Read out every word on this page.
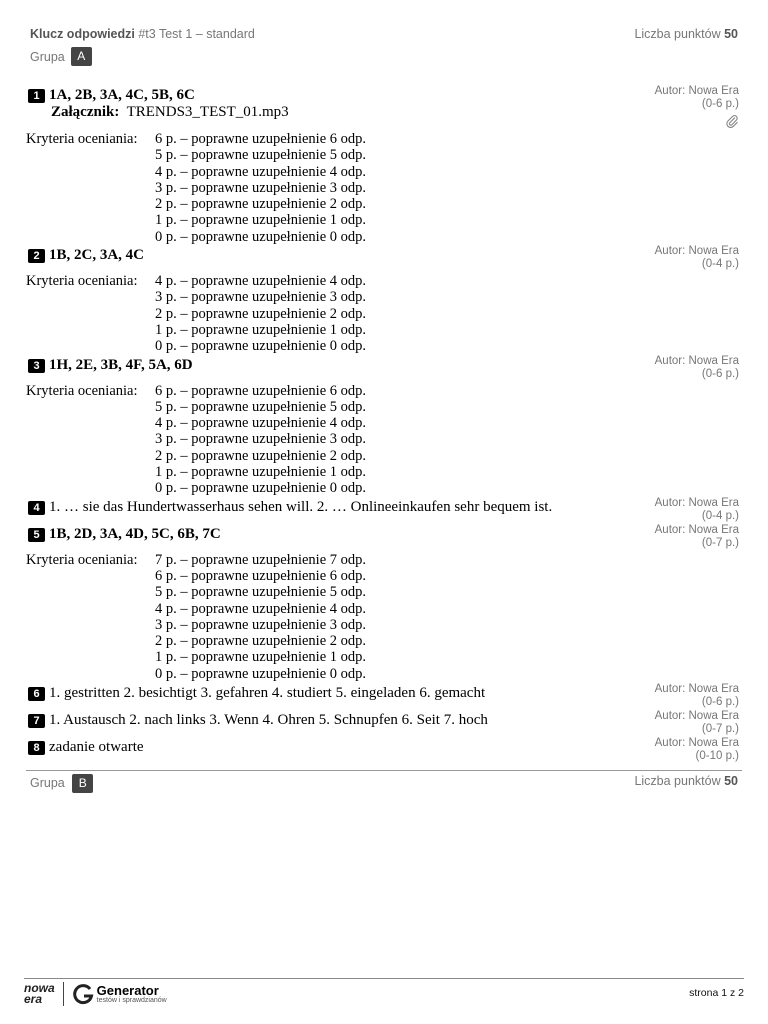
Klucz odpowiedzi #t3 Test 1 – standard	Liczba punktów 50
Grupa	A
1 1A, 2B, 3A, 4C, 5B, 6C
Załącznik: TRENDS3_TEST_01.mp3
Autor: Nowa Era
(0-6 p.)
Kryteria oceniania:	6 p. – poprawne uzupełnienie 6 odp.
5 p. – poprawne uzupełnienie 5 odp.
4 p. – poprawne uzupełnienie 4 odp.
3 p. – poprawne uzupełnienie 3 odp.
2 p. – poprawne uzupełnienie 2 odp.
1 p. – poprawne uzupełnienie 1 odp.
0 p. – poprawne uzupełnienie 0 odp.
2 1B, 2C, 3A, 4C	Autor: Nowa Era
(0-4 p.)
Kryteria oceniania:	4 p. – poprawne uzupełnienie 4 odp.
3 p. – poprawne uzupełnienie 3 odp.
2 p. – poprawne uzupełnienie 2 odp.
1 p. – poprawne uzupełnienie 1 odp.
0 p. – poprawne uzupełnienie 0 odp.
3 1H, 2E, 3B, 4F, 5A, 6D	Autor: Nowa Era
(0-6 p.)
Kryteria oceniania:	6 p. – poprawne uzupełnienie 6 odp.
5 p. – poprawne uzupełnienie 5 odp.
4 p. – poprawne uzupełnienie 4 odp.
3 p. – poprawne uzupełnienie 3 odp.
2 p. – poprawne uzupełnienie 2 odp.
1 p. – poprawne uzupełnienie 1 odp.
0 p. – poprawne uzupełnienie 0 odp.
4 1. … sie das Hundertwasserhaus sehen will. 2. … Onlineeinkaufen sehr bequem ist.	Autor: Nowa Era
(0-4 p.)
5 1B, 2D, 3A, 4D, 5C, 6B, 7C	Autor: Nowa Era
(0-7 p.)
Kryteria oceniania:	7 p. – poprawne uzupełnienie 7 odp.
6 p. – poprawne uzupełnienie 6 odp.
5 p. – poprawne uzupełnienie 5 odp.
4 p. – poprawne uzupełnienie 4 odp.
3 p. – poprawne uzupełnienie 3 odp.
2 p. – poprawne uzupełnienie 2 odp.
1 p. – poprawne uzupełnienie 1 odp.
0 p. – poprawne uzupełnienie 0 odp.
6 1. gestritten 2. besichtigt 3. gefahren 4. studiert 5. eingeladen 6. gemacht	Autor: Nowa Era
(0-6 p.)
7 1. Austausch 2. nach links 3. Wenn 4. Ohren 5. Schnupfen 6. Seit 7. hoch	Autor: Nowa Era
(0-7 p.)
8 zadanie otwarte	Autor: Nowa Era
(0-10 p.)
Grupa B	Liczba punktów 50
nowa
era
Generator
testów i sprawdzianów
strona 1 z 2
